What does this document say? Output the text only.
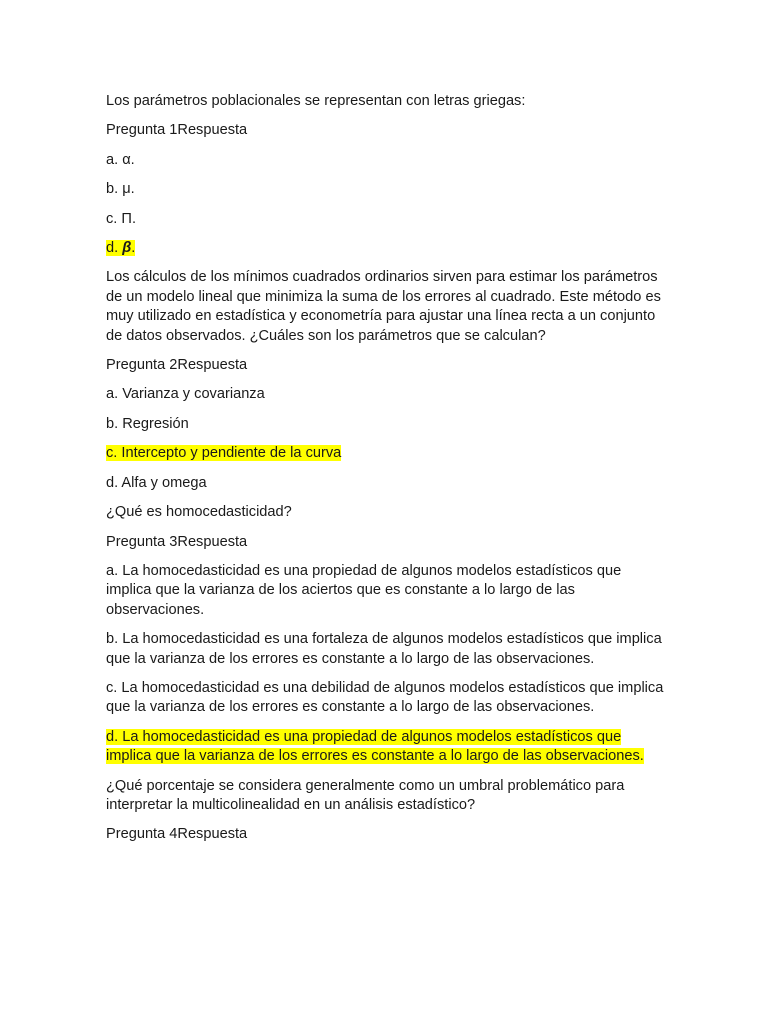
Los parámetros poblacionales se representan con letras griegas:

Pregunta 1Respuesta

a. α.

b. μ.

c. Π.

d. β.

Los cálculos de los mínimos cuadrados ordinarios sirven para estimar los parámetros de un modelo lineal que minimiza la suma de los errores al cuadrado. Este método es muy utilizado en estadística y econometría para ajustar una línea recta a un conjunto de datos observados. ¿Cuáles son los parámetros que se calculan?

Pregunta 2Respuesta

a. Varianza y covarianza

b. Regresión

c. Intercepto y pendiente de la curva

d. Alfa y omega

¿Qué es homocedasticidad?

Pregunta 3Respuesta

a. La homocedasticidad es una propiedad de algunos modelos estadísticos que implica que la varianza de los aciertos que es constante a lo largo de las observaciones.

b. La homocedasticidad es una fortaleza de algunos modelos estadísticos que implica que la varianza de los errores es constante a lo largo de las observaciones.

c. La homocedasticidad es una debilidad de algunos modelos estadísticos que implica que la varianza de los errores es constante a lo largo de las observaciones.

d. La homocedasticidad es una propiedad de algunos modelos estadísticos que implica que la varianza de los errores es constante a lo largo de las observaciones.

¿Qué porcentaje se considera generalmente como un umbral problemático para interpretar la multicolinealidad en un análisis estadístico?

Pregunta 4Respuesta
